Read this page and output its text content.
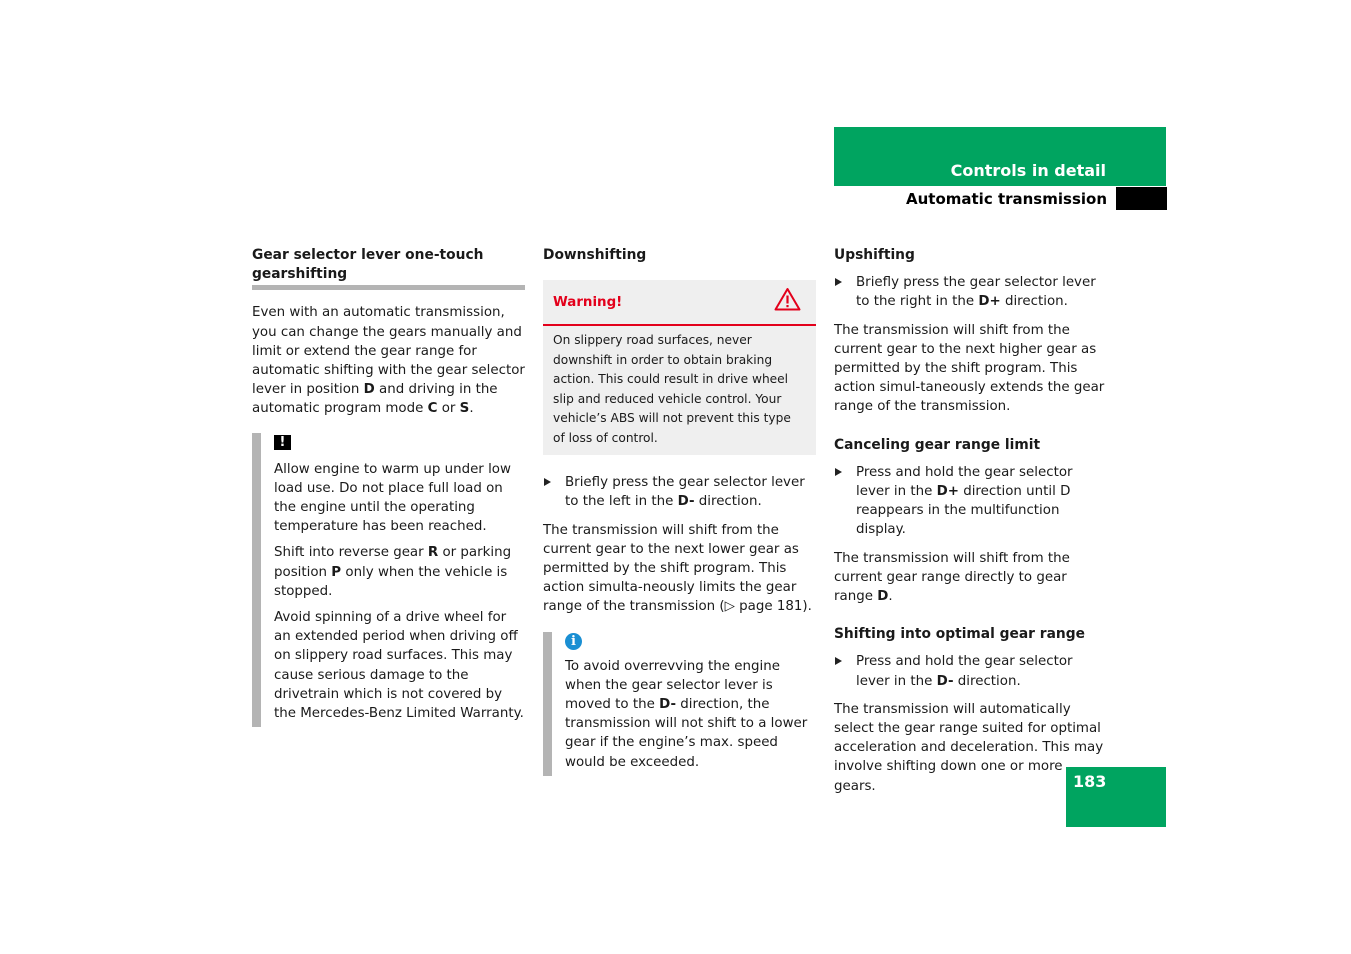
Controls in detail
Automatic transmission
Gear selector lever one-touch gearshifting

Even with an automatic transmission, you can change the gears manually and limit or extend the gear range for automatic shifting with the gear selector lever in position D and driving in the automatic program mode C or S.

!

Allow engine to warm up under low load use. Do not place full load on the engine until the operating temperature has been reached.

Shift into reverse gear R or parking position P only when the vehicle is stopped.

Avoid spinning of a drive wheel for an extended period when driving off on slippery road surfaces. This may cause serious damage to the drivetrain which is not covered by the Mercedes-Benz Limited Warranty.

Downshifting
Warning!
On slippery road surfaces, never downshift in order to obtain braking action. This could result in drive wheel slip and reduced vehicle control. Your vehicle’s ABS will not prevent this type of loss of control.

Briefly press the gear selector lever to the left in the D- direction.

The transmission will shift from the current gear to the next lower gear as permitted by the shift program. This action simulta-neously limits the gear range of the transmission (▷ page 181).

i

To avoid overrevving the engine when the gear selector lever is moved to the D- direction, the transmission will not shift to a lower gear if the engine’s max. speed would be exceeded.

Upshifting

Briefly press the gear selector lever to the right in the D+ direction.

The transmission will shift from the current gear to the next higher gear as permitted by the shift program. This action simul-taneously extends the gear range of the transmission.

Canceling gear range limit

Press and hold the gear selector lever in the D+ direction until D reappears in the multifunction display.

The transmission will shift from the current gear range directly to gear range D.

Shifting into optimal gear range

Press and hold the gear selector lever in the D- direction.

The transmission will automatically select the gear range suited for optimal acceleration and deceleration. This may involve shifting down one or more gears.	183
